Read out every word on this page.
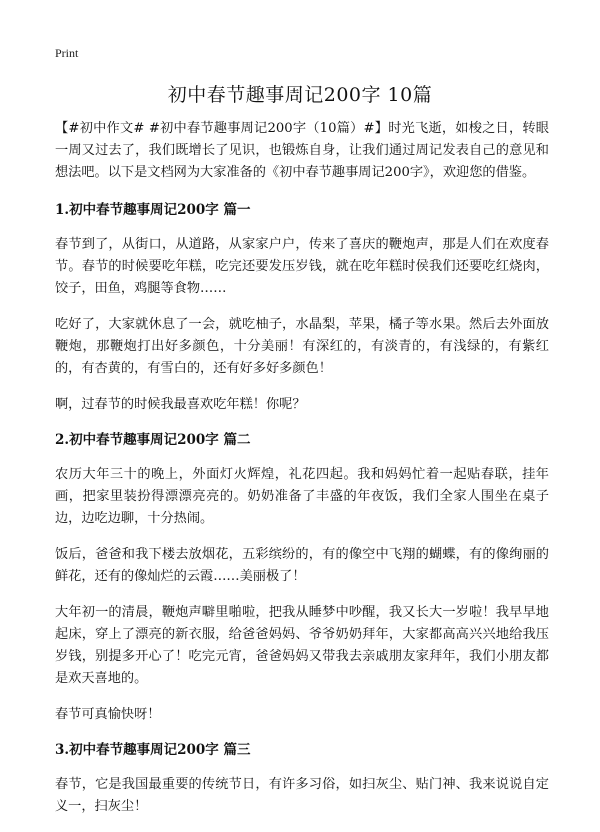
Print
初中春节趣事周记200字 10篇

【#初中作文# #初中春节趣事周记200字（10篇）#】时光飞逝，如梭之日，转眼一周又过去了，我们既增长了见识，也锻炼自身，让我们通过周记发表自己的意见和想法吧。以下是文档网为大家准备的《初中春节趣事周记200字》，欢迎您的借鉴。

1.初中春节趣事周记200字 篇一

春节到了，从街口，从道路，从家家户户，传来了喜庆的鞭炮声，那是人们在欢度春节。春节的时候要吃年糕，吃完还要发压岁钱，就在吃年糕时侯我们还要吃红烧肉，饺子，田鱼，鸡腿等食物……

吃好了，大家就休息了一会，就吃柚子，水晶梨，苹果，橘子等水果。然后去外面放鞭炮，那鞭炮打出好多颜色，十分美丽！有深红的，有淡青的，有浅绿的，有紫红的，有杏黄的，有雪白的，还有好多好多颜色！

啊，过春节的时候我最喜欢吃年糕！你呢？

2.初中春节趣事周记200字 篇二

农历大年三十的晚上，外面灯火辉煌，礼花四起。我和妈妈忙着一起贴春联，挂年画，把家里装扮得漂漂亮亮的。奶奶准备了丰盛的年夜饭，我们全家人围坐在桌子边，边吃边聊，十分热闹。

饭后，爸爸和我下楼去放烟花，五彩缤纷的，有的像空中飞翔的蝴蝶，有的像绚丽的鲜花，还有的像灿烂的云霞……美丽极了！

大年初一的清晨，鞭炮声噼里啪啦，把我从睡梦中吵醒，我又长大一岁啦！我早早地起床，穿上了漂亮的新衣服，给爸爸妈妈、爷爷奶奶拜年，大家都高高兴兴地给我压岁钱，别提多开心了！吃完元宵，爸爸妈妈又带我去亲戚朋友家拜年，我们小朋友都是欢天喜地的。

春节可真愉快呀！

3.初中春节趣事周记200字 篇三

春节，它是我国最重要的传统节日，有许多习俗，如扫灰尘、贴门神、我来说说自定义一，扫灰尘！
